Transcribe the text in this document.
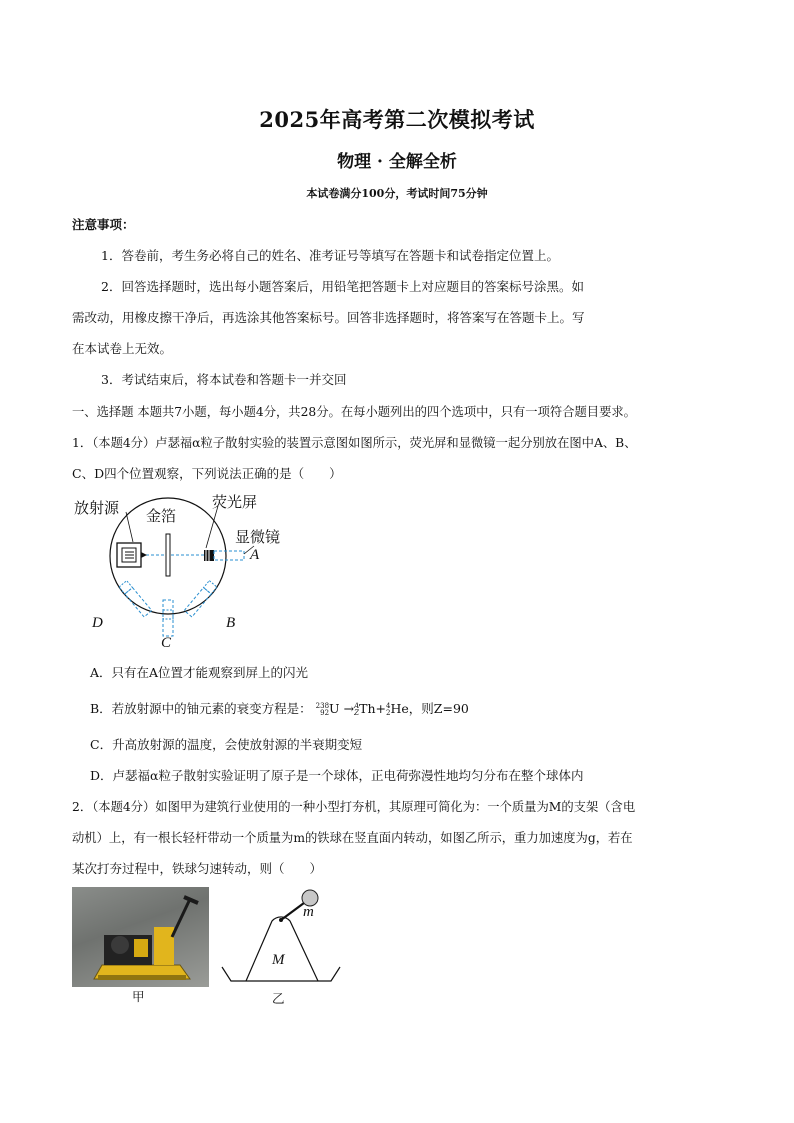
2025年高考第二次模拟考试
物理 · 全解全析
本试卷满分100分，考试时间75分钟
注意事项：
1．答卷前，考生务必将自己的姓名、准考证号等填写在答题卡和试卷指定位置上。
2．回答选择题时，选出每小题答案后，用铅笔把答题卡上对应题目的答案标号涂黑。如
需改动，用橡皮擦干净后，再选涂其他答案标号。回答非选择题时，将答案写在答题卡上。写
在本试卷上无效。
3．考试结束后，将本试卷和答题卡一并交回
一、选择题 本题共7小题，每小题4分，共28分。在每小题列出的四个选项中，只有一项符合题目要求。
1．（本题4分）卢瑟福α粒子散射实验的装置示意图如图所示，荧光屏和显微镜一起分别放在图中A、B、
C、D四个位置观察，下列说法正确的是（　　）
放射源 金箔
荧光屏
显微镜
A
B
C
D
A．只有在A位置才能观察到屏上的闪光
B．若放射源中的铀元素的衰变方程是： 238
92 U → A
Z Th+ 4
2 He，则Z=90
C．升高放射源的温度，会使放射源的半衰期变短
D．卢瑟福α粒子散射实验证明了原子是一个球体，正电荷弥漫性地均匀分布在整个球体内
2．（本题4分）如图甲为建筑行业使用的一种小型打夯机，其原理可简化为：一个质量为M的支架（含电
动机）上，有一根长轻杆带动一个质量为m的铁球在竖直面内转动，如图乙所示，重力加速度为g，若在
某次打夯过程中，铁球匀速转动，则（　　）
甲
M
m
乙
